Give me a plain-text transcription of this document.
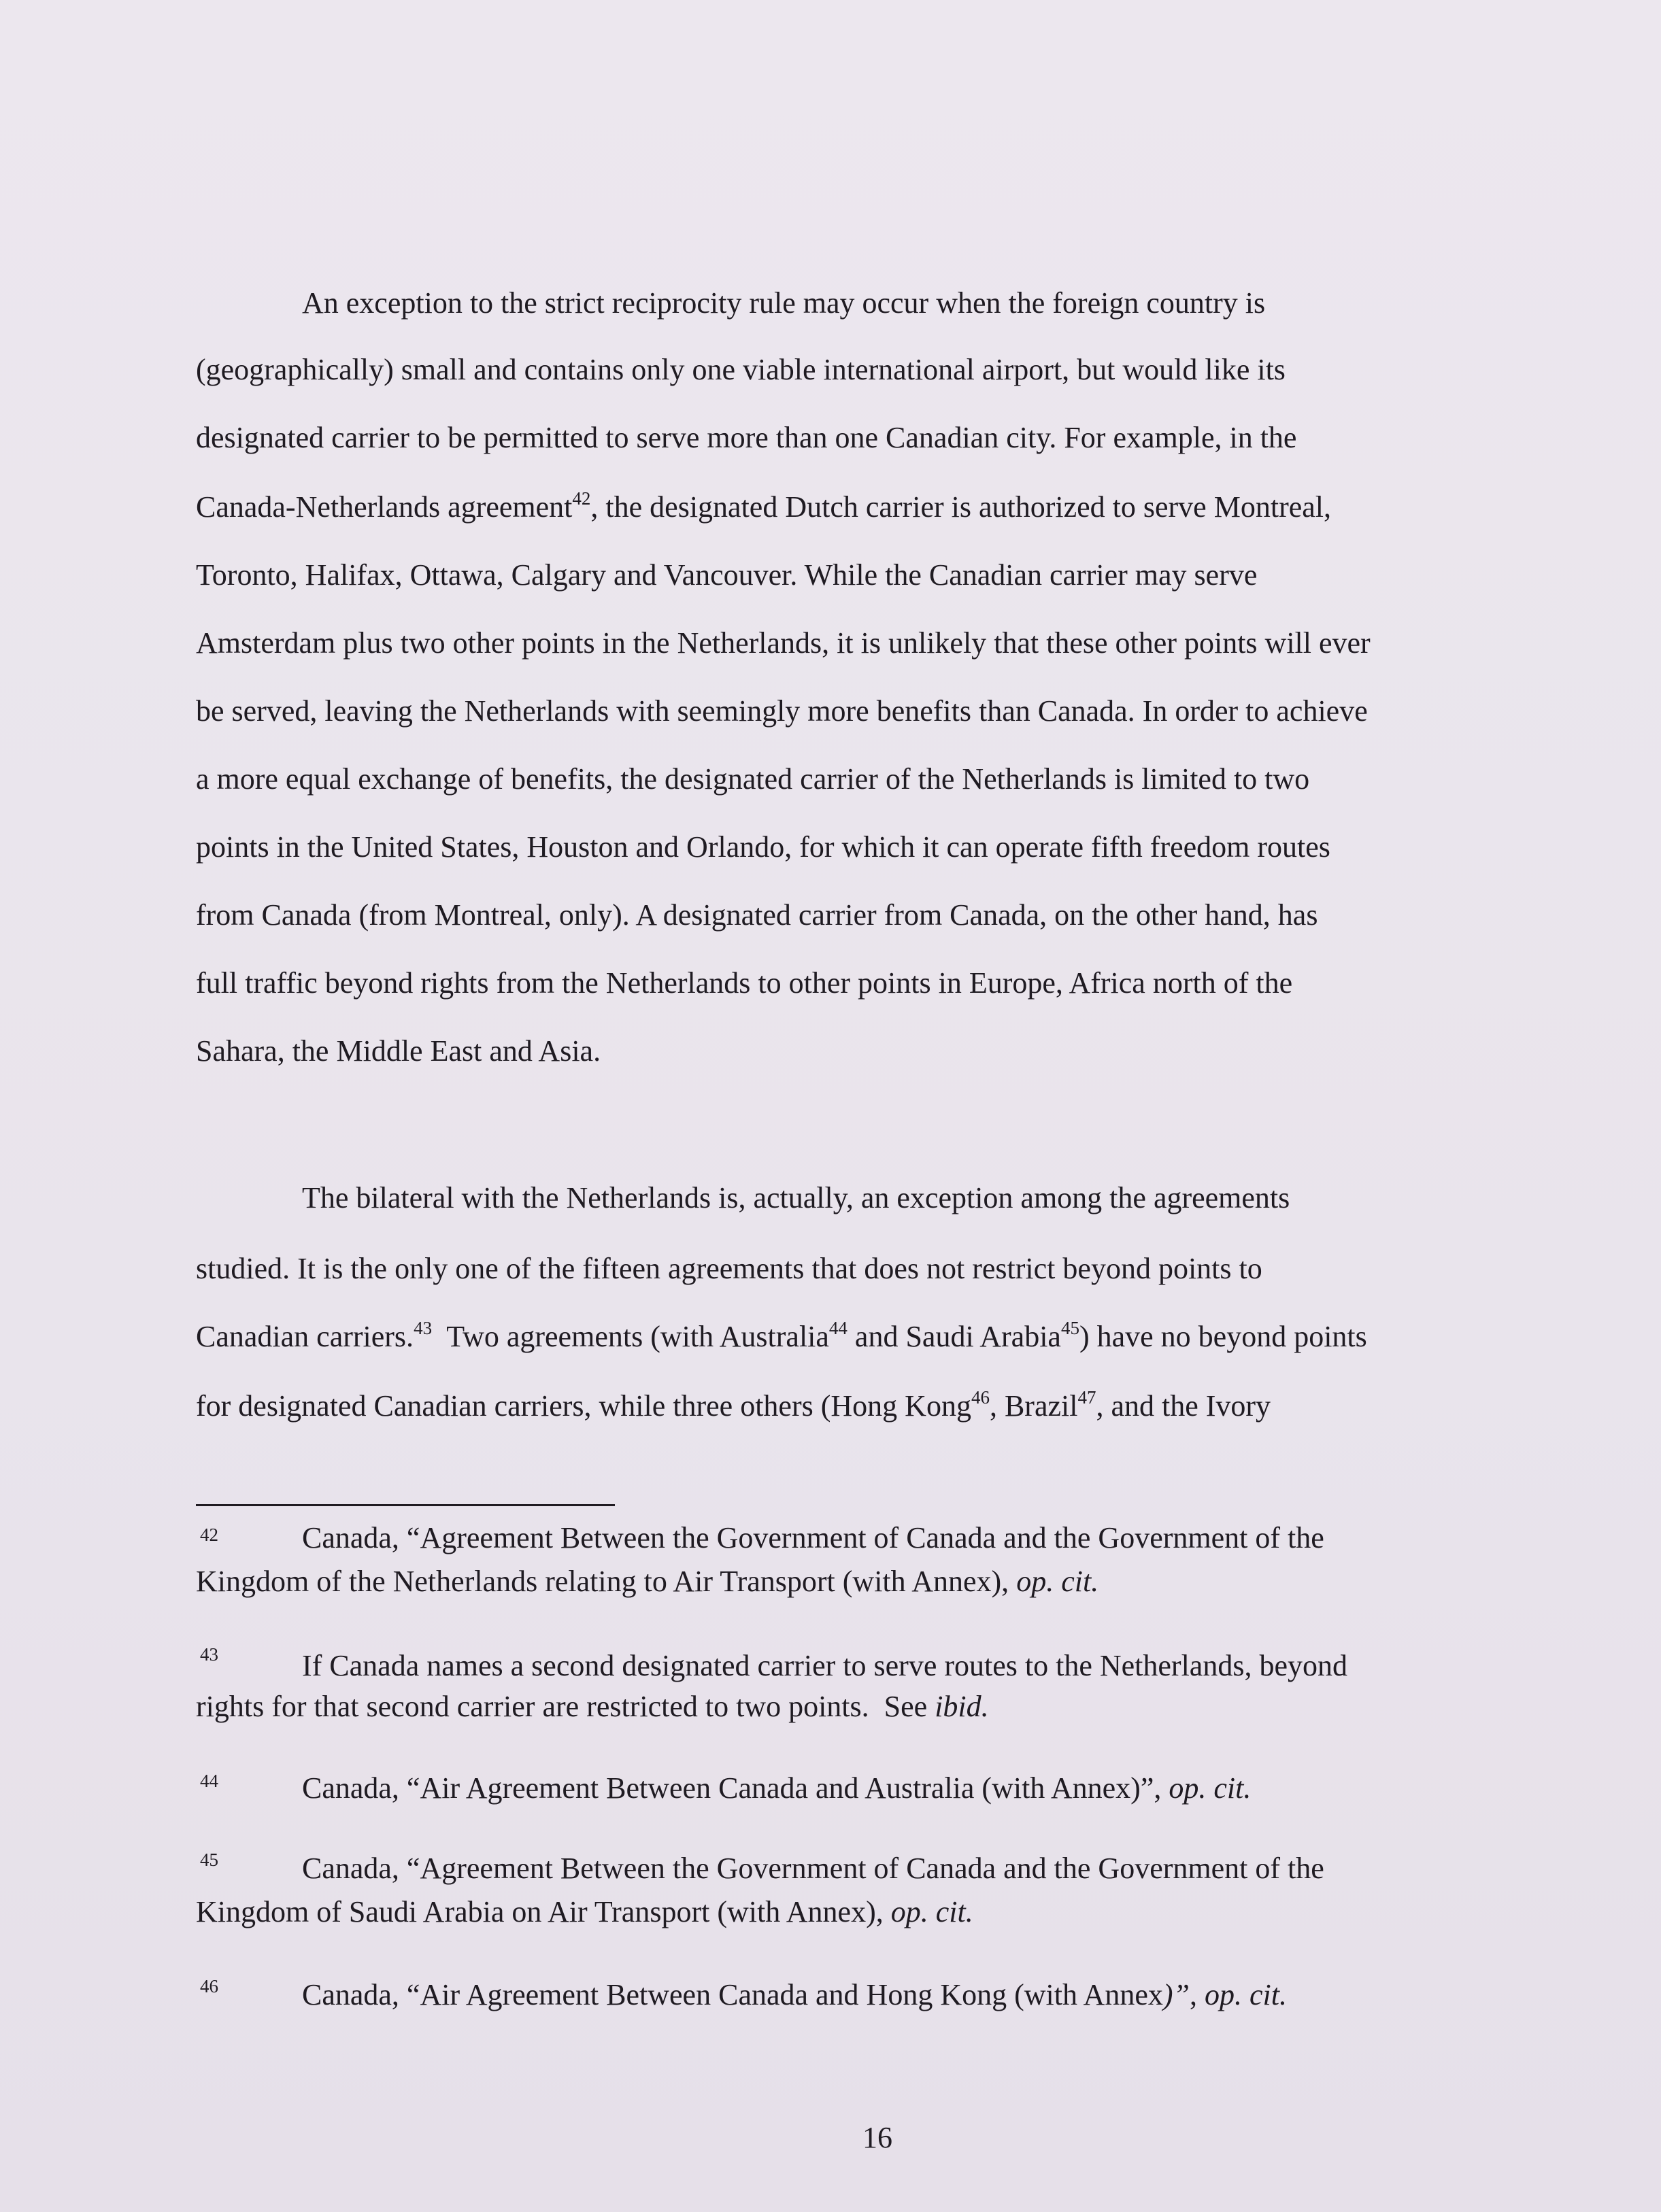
An exception to the strict reciprocity rule may occur when the foreign country is
(geographically) small and contains only one viable international airport, but would like its
designated carrier to be permitted to serve more than one Canadian city. For example, in the
Canada-Netherlands agreement$^{42}$, the designated Dutch carrier is authorized to serve Montreal,
Toronto, Halifax, Ottawa, Calgary and Vancouver. While the Canadian carrier may serve
Amsterdam plus two other points in the Netherlands, it is unlikely that these other points will ever
be served, leaving the Netherlands with seemingly more benefits than Canada. In order to achieve
a more equal exchange of benefits, the designated carrier of the Netherlands is limited to two
points in the United States, Houston and Orlando, for which it can operate fifth freedom routes
from Canada (from Montreal, only). A designated carrier from Canada, on the other hand, has
full traffic beyond rights from the Netherlands to other points in Europe, Africa north of the
Sahara, the Middle East and Asia.
The bilateral with the Netherlands is, actually, an exception among the agreements
studied. It is the only one of the fifteen agreements that does not restrict beyond points to
Canadian carriers.$^{43}$  Two agreements (with Australia$^{44}$ and Saudi Arabia$^{45}$) have no beyond points
for designated Canadian carriers, while three others (Hong Kong$^{46}$, Brazil$^{47}$, and the Ivory
42	Canada, “Agreement Between the Government of Canada and the Government of the
Kingdom of the Netherlands relating to Air Transport (with Annex), op. cit.
43	If Canada names a second designated carrier to serve routes to the Netherlands, beyond
rights for that second carrier are restricted to two points.  See ibid.
44	Canada, “Air Agreement Between Canada and Australia (with Annex)”, op. cit.
45	Canada, “Agreement Between the Government of Canada and the Government of the
Kingdom of Saudi Arabia on Air Transport (with Annex), op. cit.
46	Canada, “Air Agreement Between Canada and Hong Kong (with Annex)”, op. cit.
16
